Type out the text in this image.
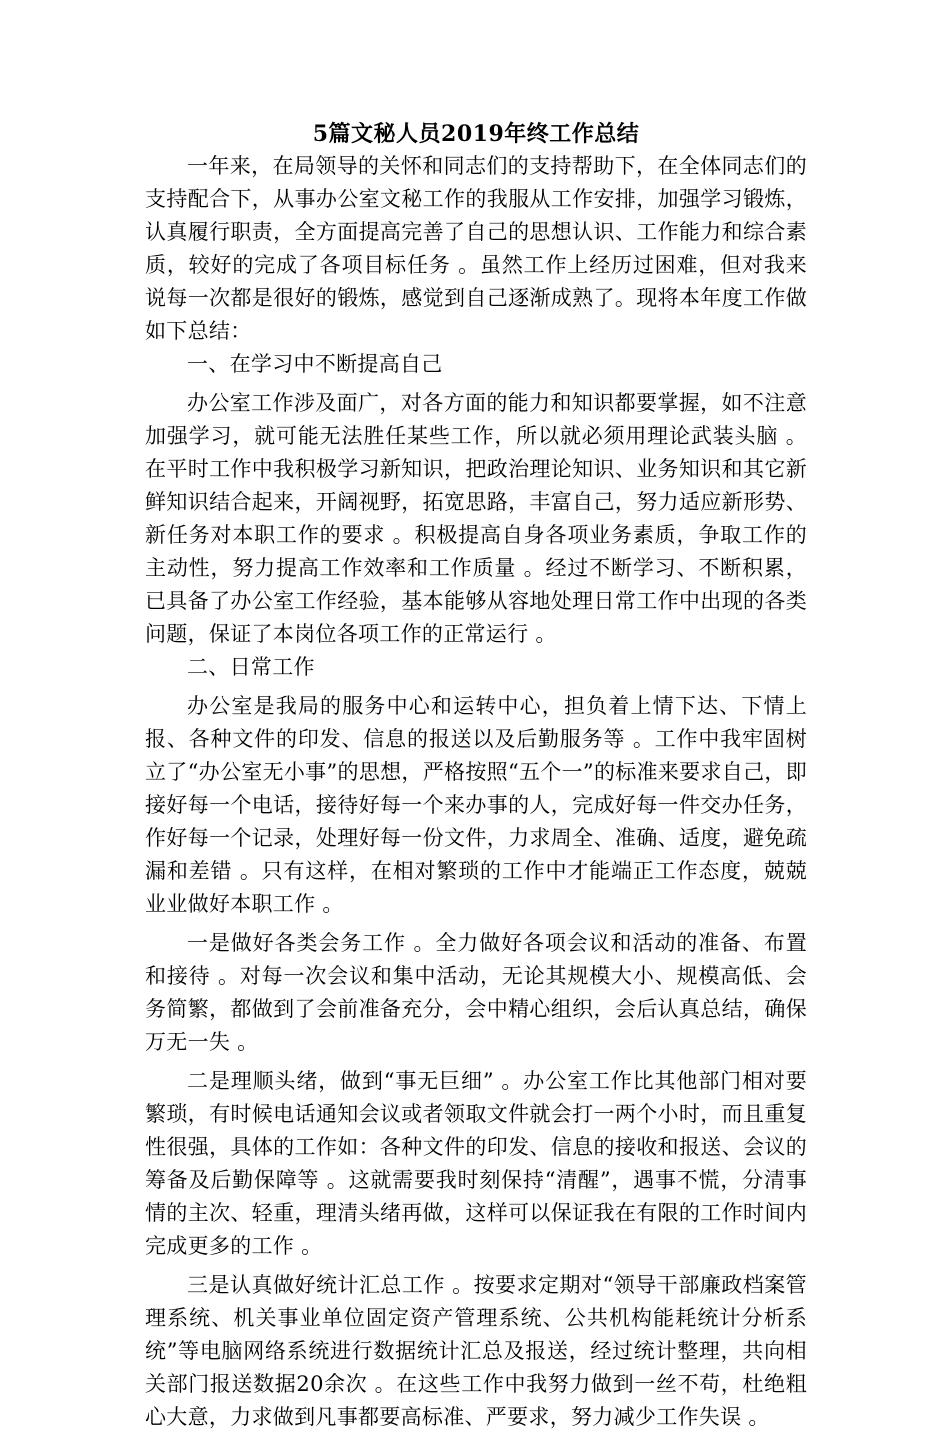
5篇文秘人员2019年终工作总结

一年来，在局领导的关怀和同志们的支持帮助下，在全体同志们的支持配合下，从事办公室文秘工作的我服从工作安排，加强学习锻炼，认真履行职责，全方面提高完善了自己的思想认识、工作能力和综合素质，较好的完成了各项目标任务 。虽然工作上经历过困难，但对我来说每一次都是很好的锻炼，感觉到自己逐渐成熟了。现将本年度工作做如下总结：

一、在学习中不断提高自己

办公室工作涉及面广，对各方面的能力和知识都要掌握，如不注意加强学习，就可能无法胜任某些工作，所以就必须用理论武装头脑 。在平时工作中我积极学习新知识，把政治理论知识、业务知识和其它新鲜知识结合起来，开阔视野，拓宽思路，丰富自己，努力适应新形势、新任务对本职工作的要求 。积极提高自身各项业务素质，争取工作的主动性，努力提高工作效率和工作质量 。经过不断学习、不断积累，已具备了办公室工作经验，基本能够从容地处理日常工作中出现的各类问题，保证了本岗位各项工作的正常运行 。

二、日常工作

办公室是我局的服务中心和运转中心，担负着上情下达、下情上报、各种文件的印发、信息的报送以及后勤服务等 。工作中我牢固树立了“办公室无小事”的思想，严格按照“五个一”的标准来要求自己，即接好每一个电话，接待好每一个来办事的人，完成好每一件交办任务，作好每一个记录，处理好每一份文件，力求周全、准确、适度，避免疏漏和差错 。只有这样，在相对繁琐的工作中才能端正工作态度，兢兢业业做好本职工作 。

一是做好各类会务工作 。全力做好各项会议和活动的准备、布置和接待 。对每一次会议和集中活动，无论其规模大小、规模高低、会务简繁，都做到了会前准备充分，会中精心组织，会后认真总结，确保万无一失 。

二是理顺头绪，做到“事无巨细” 。办公室工作比其他部门相对要繁琐，有时候电话通知会议或者领取文件就会打一两个小时，而且重复性很强，具体的工作如：各种文件的印发、信息的接收和报送、会议的筹备及后勤保障等 。这就需要我时刻保持“清醒”，遇事不慌，分清事情的主次、轻重，理清头绪再做，这样可以保证我在有限的工作时间内完成更多的工作 。

三是认真做好统计汇总工作 。按要求定期对“领导干部廉政档案管理系统、机关事业单位固定资产管理系统、公共机构能耗统计分析系统”等电脑网络系统进行数据统计汇总及报送，经过统计整理，共向相关部门报送数据20余次 。在这些工作中我努力做到一丝不苟，杜绝粗心大意，力求做到凡事都要高标准、严要求，努力减少工作失误 。
